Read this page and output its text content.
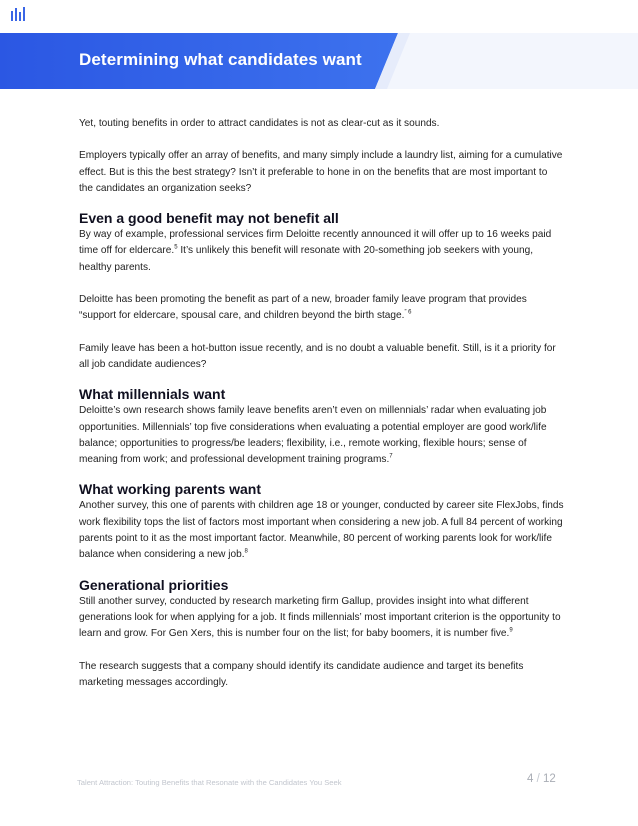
Determining what candidates want

Yet, touting benefits in order to attract candidates is not as clear-cut as it sounds.

Employers typically offer an array of benefits, and many simply include a laundry list, aiming for a cumulative effect. But is this the best strategy? Isn’t it preferable to hone in on the benefits that are most important to the candidates an organization seeks?

Even a good benefit may not benefit all

By way of example, professional services firm Deloitte recently announced it will offer up to 16 weeks paid time off for eldercare.$^5$ It’s unlikely this benefit will resonate with 20-something job seekers with young, healthy parents.

Deloitte has been promoting the benefit as part of a new, broader family leave program that provides “support for eldercare, spousal care, and children beyond the birth stage.$^{” 6}$

Family leave has been a hot-button issue recently, and is no doubt a valuable benefit. Still, is it a priority for all job candidate audiences?

What millennials want

Deloitte’s own research shows family leave benefits aren’t even on millennials’ radar when evaluating job opportunities. Millennials’ top five considerations when evaluating a potential employer are good work/life balance; opportunities to progress/be leaders; flexibility, i.e., remote working, flexible hours; sense of meaning from work; and professional development training programs.$^7$

What working parents want

Another survey, this one of parents with children age 18 or younger, conducted by career site FlexJobs, finds work flexibility tops the list of factors most important when considering a new job. A full 84 percent of working parents point to it as the most important factor. Meanwhile, 80 percent of working parents look for work/life balance when considering a new job.$^8$

Generational priorities

Still another survey, conducted by research marketing firm Gallup, provides insight into what different generations look for when applying for a job. It finds millennials’ most important criterion is the opportunity to learn and grow. For Gen Xers, this is number four on the list; for baby boomers, it is number five.$^9$

The research suggests that a company should identify its candidate audience and target its benefits marketing messages accordingly.

Talent Attraction: Touting Benefits that Resonate with the Candidates You Seek	4 / 12
